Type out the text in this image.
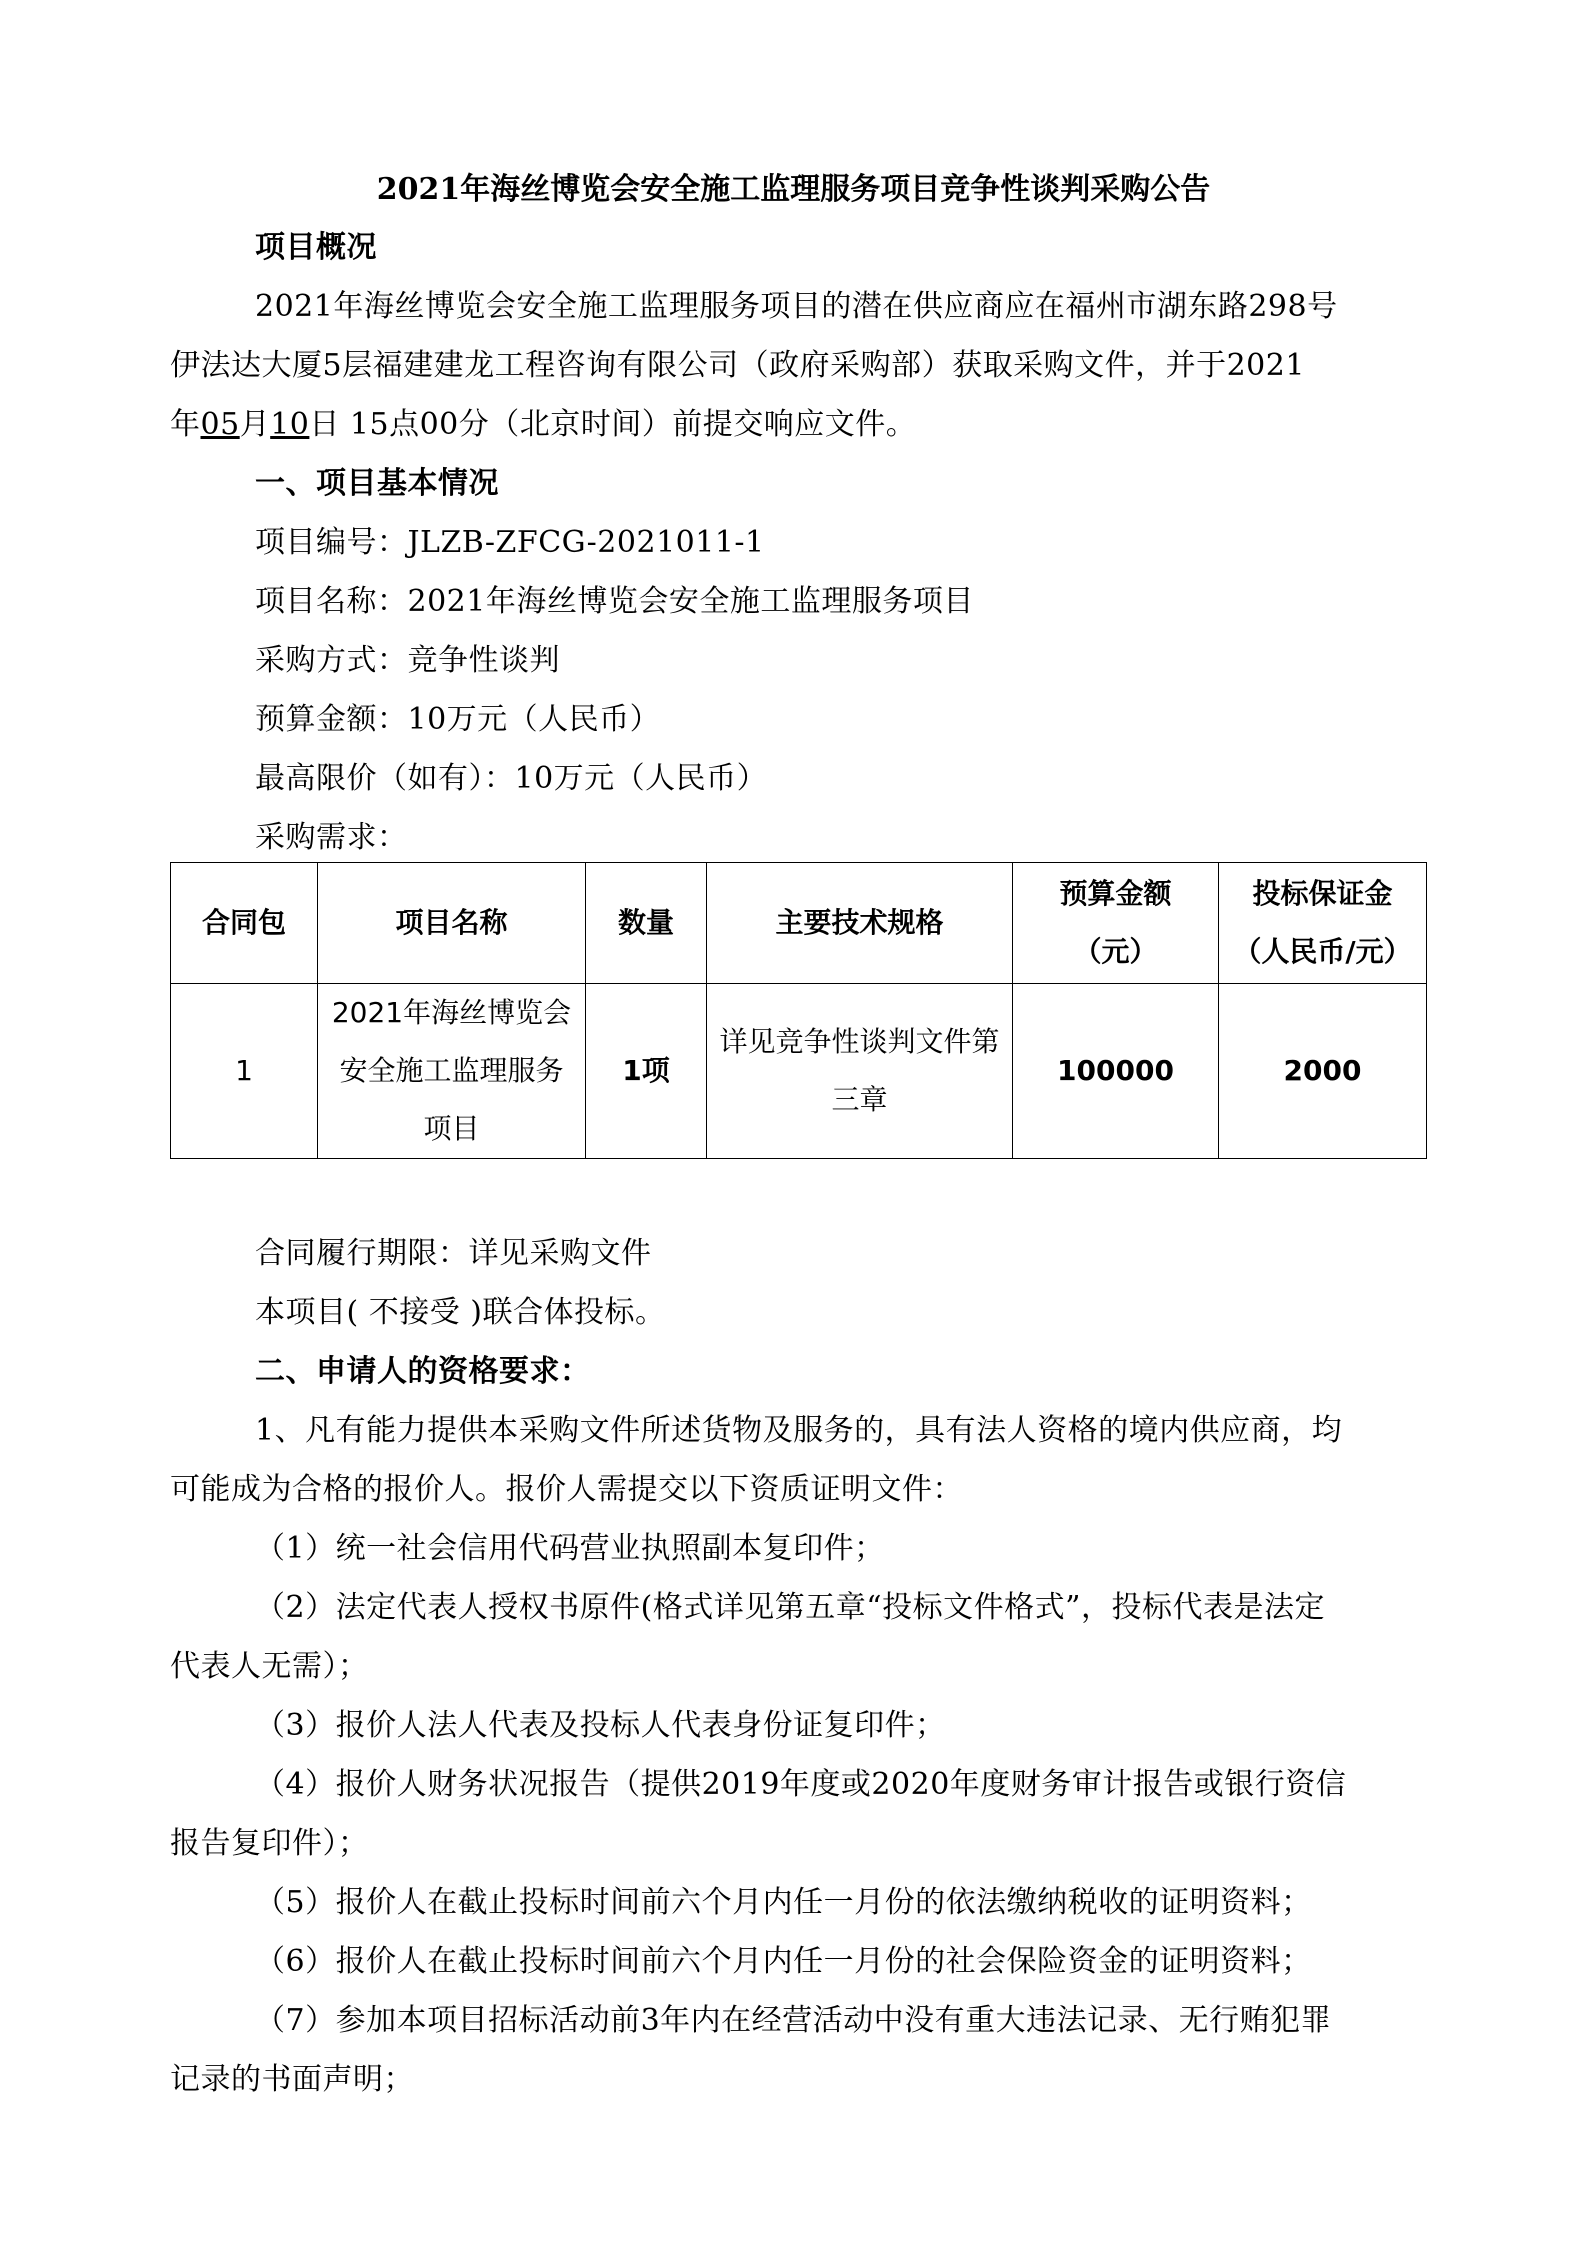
2021年海丝博览会安全施工监理服务项目竞争性谈判采购公告
项目概况
2021年海丝博览会安全施工监理服务项目的潜在供应商应在福州市湖东路298号
伊法达大厦5层福建建龙工程咨询有限公司（政府采购部）获取采购文件，并于2021
年05月10日 15点00分（北京时间）前提交响应文件。
一、项目基本情况
项目编号：JLZB-ZFCG-2021011-1
项目名称：2021年海丝博览会安全施工监理服务项目
采购方式：竞争性谈判
预算金额：10万元（人民币）
最高限价（如有）：10万元（人民币）
采购需求：
合同包	项目名称	数量	主要技术规格	预算金额（元）	投标保证金（人民币/元）
1	2021年海丝博览会安全施工监理服务项目	1项	详见竞争性谈判文件第三章	100000	2000
合同履行期限：详见采购文件
本项目( 不接受 )联合体投标。
二、申请人的资格要求：
1、凡有能力提供本采购文件所述货物及服务的，具有法人资格的境内供应商，均
可能成为合格的报价人。报价人需提交以下资质证明文件：
（1）统一社会信用代码营业执照副本复印件；
（2）法定代表人授权书原件(格式详见第五章“投标文件格式”，投标代表是法定
代表人无需）；
（3）报价人法人代表及投标人代表身份证复印件；
（4）报价人财务状况报告（提供2019年度或2020年度财务审计报告或银行资信
报告复印件）；
（5）报价人在截止投标时间前六个月内任一月份的依法缴纳税收的证明资料；
（6）报价人在截止投标时间前六个月内任一月份的社会保险资金的证明资料；
（7）参加本项目招标活动前3年内在经营活动中没有重大违法记录、无行贿犯罪
记录的书面声明；
